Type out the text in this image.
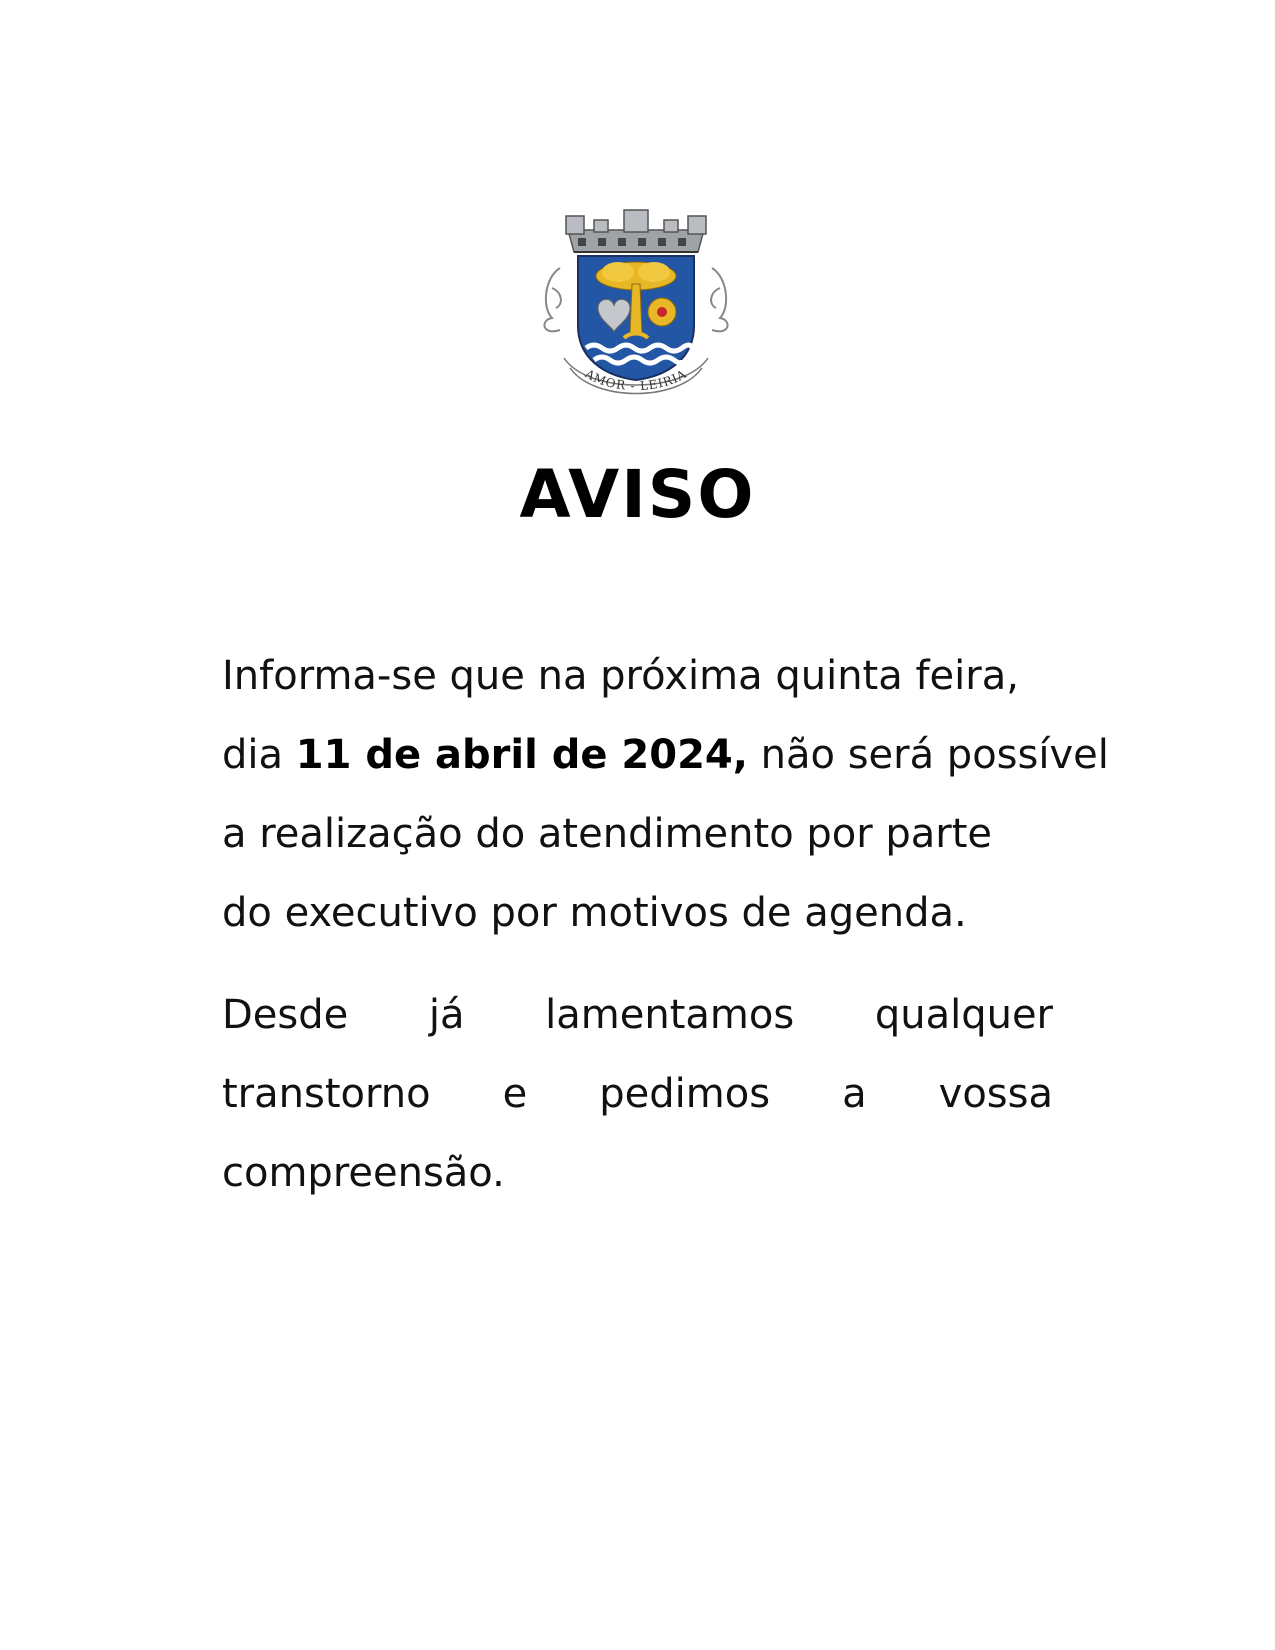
AMOR - LEIRIA
AVISO
Informa-se que na próxima quinta feira,
dia 11 de abril de 2024, não será possível
a realização do atendimento por parte
do executivo por motivos de agenda.
Desde já lamentamos qualquer
transtorno e pedimos a vossa
compreensão.
